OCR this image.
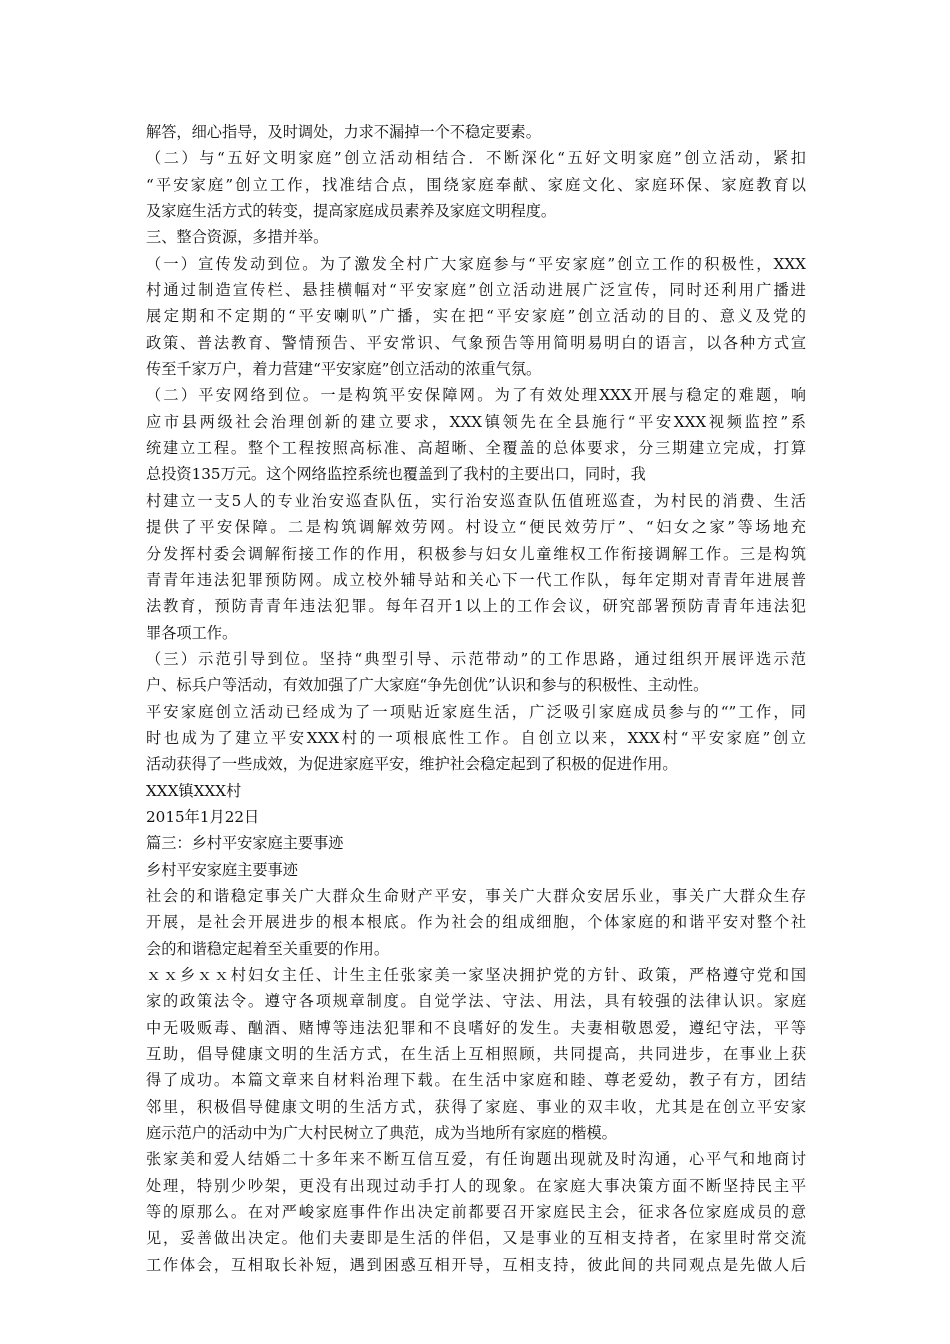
解答，细心指导，及时调处，力求不漏掉一个不稳定要素。
（二）与“五好文明家庭”创立活动相结合．不断深化“五好文明家庭”创立活动，紧扣
“平安家庭”创立工作，找准结合点，围绕家庭奉献、家庭文化、家庭环保、家庭教育以
及家庭生活方式的转变，提高家庭成员素养及家庭文明程度。
三、整合资源，多措并举。
（一）宣传发动到位。为了激发全村广大家庭参与“平安家庭”创立工作的积极性，XXX
村通过制造宣传栏、悬挂横幅对“平安家庭”创立活动进展广泛宣传，同时还利用广播进
展定期和不定期的“平安喇叭”广播，实在把“平安家庭”创立活动的目的、意义及党的
政策、普法教育、警情预告、平安常识、气象预告等用简明易明白的语言，以各种方式宣
传至千家万户，着力营建“平安家庭”创立活动的浓重气氛。
（二）平安网络到位。一是构筑平安保障网。为了有效处理XXX开展与稳定的难题，响
应市县两级社会治理创新的建立要求，XXX镇领先在全县施行“平安XXX视频监控”系
统建立工程。整个工程按照高标准、高超晰、全覆盖的总体要求，分三期建立完成，打算
总投资135万元。这个网络监控系统也覆盖到了我村的主要出口，同时，我
村建立一支5人的专业治安巡查队伍，实行治安巡查队伍值班巡查，为村民的消费、生活
提供了平安保障。二是构筑调解效劳网。村设立“便民效劳厅”、“妇女之家”等场地充
分发挥村委会调解衔接工作的作用，积极参与妇女儿童维权工作衔接调解工作。三是构筑
青青年违法犯罪预防网。成立校外辅导站和关心下一代工作队，每年定期对青青年进展普
法教育，预防青青年违法犯罪。每年召开1以上的工作会议，研究部署预防青青年违法犯
罪各项工作。
（三）示范引导到位。坚持“典型引导、示范带动”的工作思路，通过组织开展评选示范
户、标兵户等活动，有效加强了广大家庭“争先创优”认识和参与的积极性、主动性。
平安家庭创立活动已经成为了一项贴近家庭生活，广泛吸引家庭成员参与的“”工作，同
时也成为了建立平安XXX村的一项根底性工作。自创立以来，XXX村“平安家庭”创立
活动获得了一些成效，为促进家庭平安，维护社会稳定起到了积极的促进作用。
XXX镇XXX村
2015年1月22日
篇三：乡村平安家庭主要事迹
乡村平安家庭主要事迹
社会的和谐稳定事关广大群众生命财产平安，事关广大群众安居乐业，事关广大群众生存
开展，是社会开展进步的根本根底。作为社会的组成细胞，个体家庭的和谐平安对整个社
会的和谐稳定起着至关重要的作用。
ｘｘ乡ｘｘ村妇女主任、计生主任张家美一家坚决拥护党的方针、政策，严格遵守党和国
家的政策法令。遵守各项规章制度。自觉学法、守法、用法，具有较强的法律认识。家庭
中无吸贩毒、酗酒、赌博等违法犯罪和不良嗜好的发生。夫妻相敬恩爱，遵纪守法，平等
互助，倡导健康文明的生活方式，在生活上互相照顾，共同提高，共同进步，在事业上获
得了成功。本篇文章来自材料治理下载。在生活中家庭和睦、尊老爱幼，教子有方，团结
邻里，积极倡导健康文明的生活方式，获得了家庭、事业的双丰收，尤其是在创立平安家
庭示范户的活动中为广大村民树立了典范，成为当地所有家庭的楷模。
张家美和爱人结婚二十多年来不断互信互爱，有任询题出现就及时沟通，心平气和地商讨
处理，特别少吵架，更没有出现过动手打人的现象。在家庭大事决策方面不断坚持民主平
等的原那么。在对严峻家庭事件作出决定前都要召开家庭民主会，征求各位家庭成员的意
见，妥善做出决定。他们夫妻即是生活的伴侣，又是事业的互相支持者，在家里时常交流
工作体会，互相取长补短，遇到困惑互相开导，互相支持，彼此间的共同观点是先做人后
